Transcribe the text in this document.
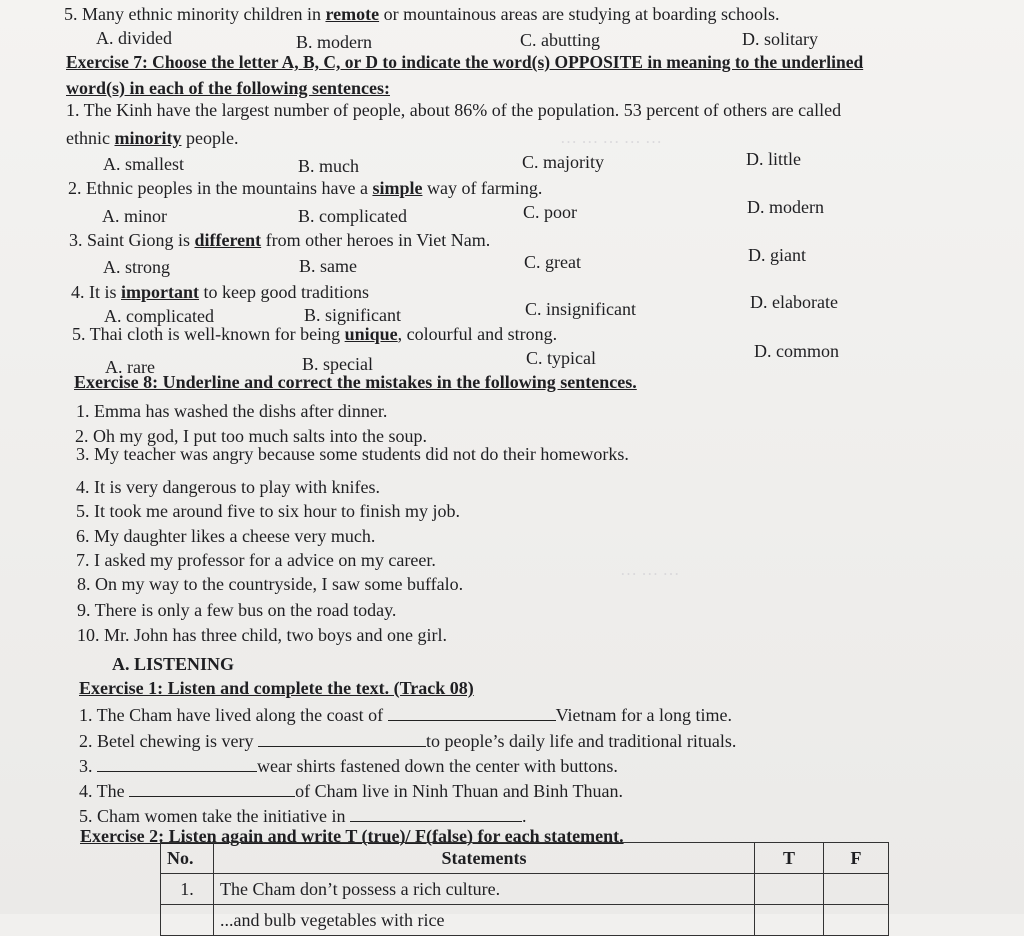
… … … … …
… … …
5. Many ethnic minority children in remote or mountainous areas are studying at boarding schools.
A. divided	B. modern	C. abutting	D. solitary
Exercise 7: Choose the letter A, B, C, or D to indicate the word(s) OPPOSITE in meaning to the underlined
word(s) in each of the following sentences:
1. The Kinh have the largest number of people, about 86% of the population. 53 percent of others are called
ethnic minority people.
A. smallest	B. much	C. majority	D. little
2. Ethnic peoples in the mountains have a simple way of farming.
A. minor	B. complicated	C. poor	D. modern
3. Saint Giong is different from other heroes in Viet Nam.
A. strong	B. same	C. great	D. giant
4. It is important to keep good traditions
A. complicated	B. significant	C. insignificant	D. elaborate
5. Thai cloth is well-known for being unique, colourful and strong.
A. rare	B. special	C. typical	D. common
Exercise 8: Underline and correct the mistakes in the following sentences.
1. Emma has washed the dishs after dinner.
2. Oh my god, I put too much salts into the soup.
3. My teacher was angry because some students did not do their homeworks.
4. It is very dangerous to play with knifes.
5. It took me around five to six hour to finish my job.
6. My daughter likes a cheese very much.
7. I asked my professor for a advice on my career.
8. On my way to the countryside, I saw some buffalo.
9. There is only a few bus on the road today.
10. Mr. John has three child, two boys and one girl.
A. LISTENING
Exercise 1: Listen and complete the text. (Track 08)
1. The Cham have lived along the coast of	Vietnam for a long time.
2. Betel chewing is very	to people’s daily life and traditional rituals.
3.	wear shirts fastened down the center with buttons.
4. The	of Cham live in Ninh Thuan and Binh Thuan.
5. Cham women take the initiative in	.
Exercise 2: Listen again and write T (true)/ F(false) for each statement.
No.	Statements	T	F
1.	The Cham don’t possess a rich culture.		
	...and bulb vegetables with rice		
